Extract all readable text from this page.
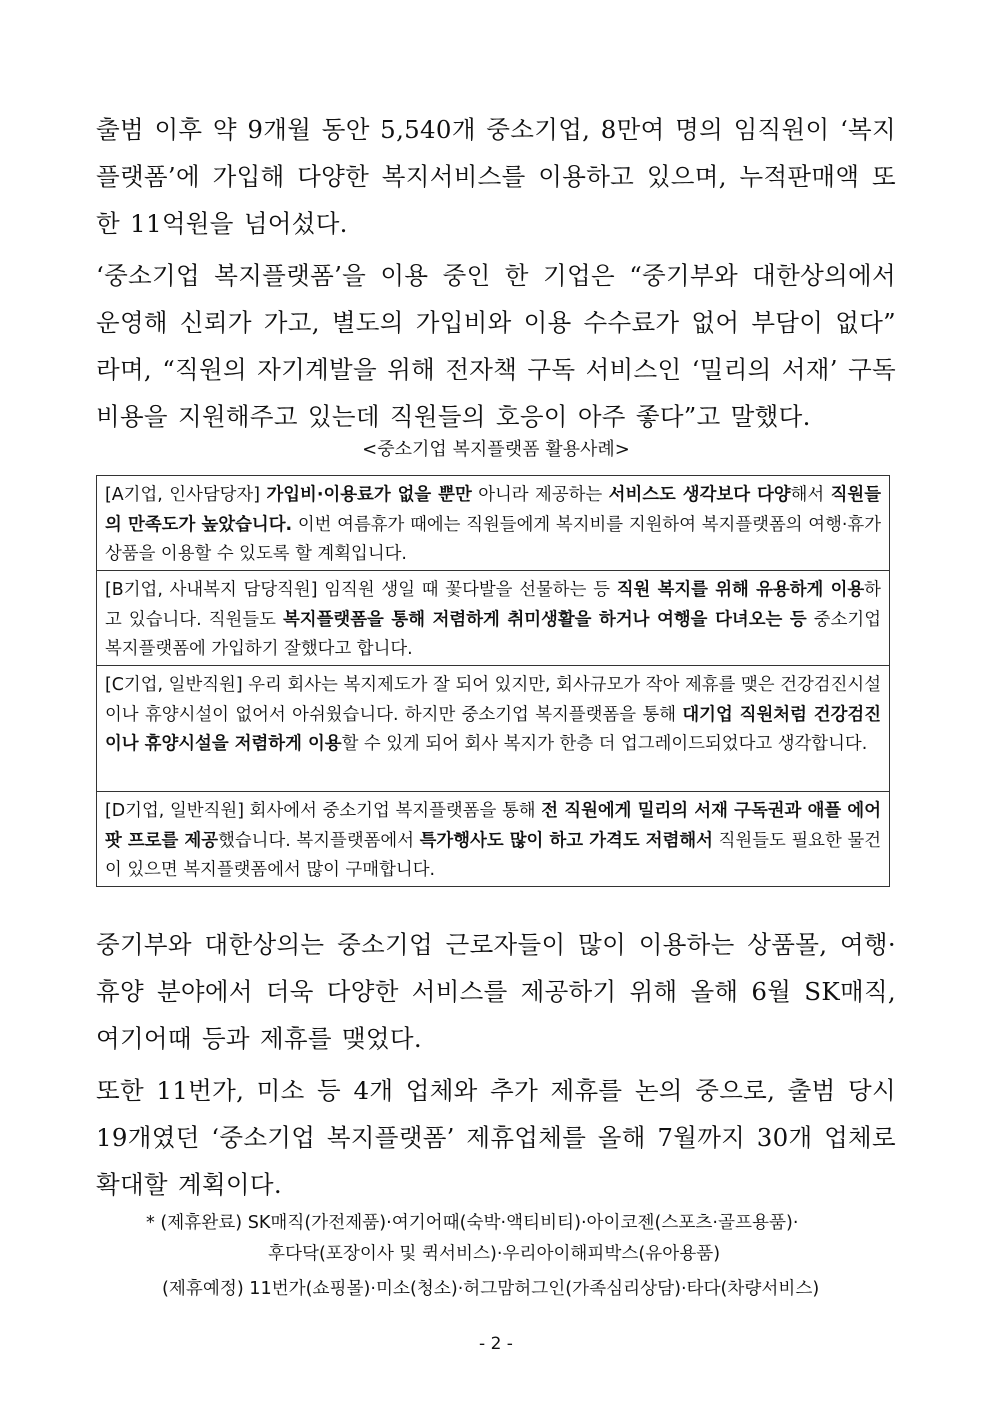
출범 이후 약 9개월 동안 5,540개 중소기업, 8만여 명의 임직원이 ‘복지플랫폼’에 가입해 다양한 복지서비스를 이용하고 있으며, 누적판매액 또한 11억원을 넘어섰다.

‘중소기업 복지플랫폼’을 이용 중인 한 기업은 “중기부와 대한상의에서 운영해 신뢰가 가고, 별도의 가입비와 이용 수수료가 없어 부담이 없다” 라며, “직원의 자기계발을 위해 전자책 구독 서비스인 ‘밀리의 서재’ 구독비용을 지원해주고 있는데 직원들의 호응이 아주 좋다”고 말했다.

<중소기업 복지플랫폼 활용사례>
[A기업, 인사담당자] 가입비·이용료가 없을 뿐만 아니라 제공하는 서비스도 생각보다 다양해서 직원들의 만족도가 높았습니다. 이번 여름휴가 때에는 직원들에게 복지비를 지원하여 복지플랫폼의 여행·휴가상품을 이용할 수 있도록 할 계획입니다.
[B기업, 사내복지 담당직원] 임직원 생일 때 꽃다발을 선물하는 등 직원 복지를 위해 유용하게 이용하고 있습니다. 직원들도 복지플랫폼을 통해 저렴하게 취미생활을 하거나 여행을 다녀오는 등 중소기업 복지플랫폼에 가입하기 잘했다고 합니다.
[C기업, 일반직원] 우리 회사는 복지제도가 잘 되어 있지만, 회사규모가 작아 제휴를 맺은 건강검진시설이나 휴양시설이 없어서 아쉬웠습니다. 하지만 중소기업 복지플랫폼을 통해 대기업 직원처럼 건강검진이나 휴양시설을 저렴하게 이용할 수 있게 되어 회사 복지가 한층 더 업그레이드되었다고 생각합니다.
[D기업, 일반직원] 회사에서 중소기업 복지플랫폼을 통해 전 직원에게 밀리의 서재 구독권과 애플 에어팟 프로를 제공했습니다. 복지플랫폼에서 특가행사도 많이 하고 가격도 저렴해서 직원들도 필요한 물건이 있으면 복지플랫폼에서 많이 구매합니다.

중기부와 대한상의는 중소기업 근로자들이 많이 이용하는 상품몰, 여행·휴양 분야에서 더욱 다양한 서비스를 제공하기 위해 올해 6월 SK매직, 여기어때 등과 제휴를 맺었다.

또한 11번가, 미소 등 4개 업체와 추가 제휴를 논의 중으로, 출범 당시 19개였던 ‘중소기업 복지플랫폼’ 제휴업체를 올해 7월까지 30개 업체로 확대할 계획이다.

* (제휴완료) SK매직(가전제품)·여기어때(숙박·액티비티)·아이코젠(스포츠·골프용품)·
후다닥(포장이사 및 퀵서비스)·우리아이해피박스(유아용품)
(제휴예정) 11번가(쇼핑몰)·미소(청소)·허그맘허그인(가족심리상담)·타다(차량서비스)
- 2 -
